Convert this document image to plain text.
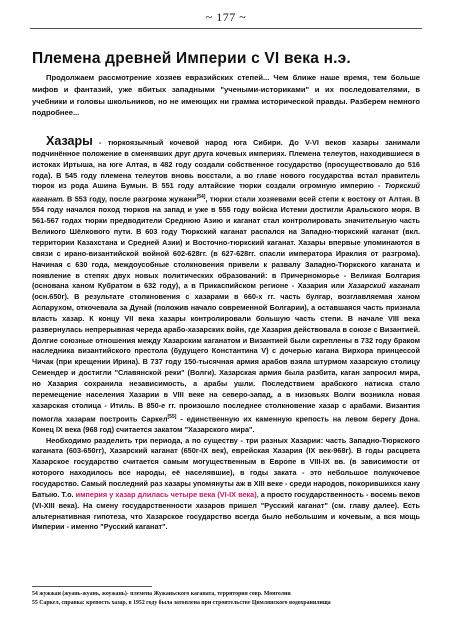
~ 177 ~
Племена древней Империи с VI века н.э.
Продолжаем рассмотрение хозяев евразийских степей... Чем ближе наше время, тем больше мифов и фантазий, уже вбитых западными "учеными-историками" и их последователями, в учебники и головы школьников, но не имеющих ни грамма исторической правды. Разберем немного подробнее...

Хазары - тюркоязычный кочевой народ юга Сибири. До V-VI веков хазары занимали подчинённое положение в сменявших друг друга кочевых империях. Племена телеутов, находившиеся в истоках Иртыша, на юге Алтая, в 482 году создали собственное государство (просуществовало до 516 года). В 545 году племена телеутов вновь восстали, а во главе нового государства встал правитель тюрок из рода Ашина Бумын. В 551 году алтайские тюрки создали огромную империю - Тюркский каганат. В 553 году, после разгрома жужани[54], тюрки стали хозяевами всей степи к востоку от Алтая. В 554 году начался поход тюрков на запад и уже в 555 году войска Истеми достигли Аральского моря. В 561-567 годах тюрки предводители Среднюю Азию и каганат стал контролировать значительную часть Великого Шёлкового пути. В 603 году Тюркский каганат распался на Западно-тюркский каганат (вкл. территории Казахстана и Средней Азии) и Восточно-тюркский каганат. Хазары впервые упоминаются в связи с ирано-византийской войной 602-628гг. (в 627-628гг. спасли императора Ираклия от разгрома). Начиная с 630 года, междоусобные столкновения привели к развалу Западно-Тюркского каганата и появление в степях двух новых политических образований: в Причерноморье - Великая Болгария (основана ханом Кубратом в 632 году), а в Прикаспийском регионе - Хазария или Хазарский каганат (осн.650г). В результате столкновения с хазарами в 660-х гг. часть булгар, возглавляемая ханом Аспарухом, откочевала за Дунай (положив начало современной Болгарии), а оставшаяся часть признала власть хазар. К концу VII века хазары контролировали большую часть степи. В начале VIII века развернулась непрерывная череда арабо-хазарских войн, где Хазария действовала в союзе с Византией. Долгие союзные отношения между Хазарским каганатом и Византией были скреплены в 732 году браком наследника византийского престола (будущего Константина V) с дочерью кагана Вирхора принцессой Чичак (при крещении Ирина). В 737 году 150-тысячная армия арабов взяла штурмом хазарскую столицу Семендер и достигли "Славянской реки" (Волги). Хазарская армия была разбита, каган запросил мира, но Хазария сохранила независимость, а арабы ушли. Последствием арабского натиска стало перемещение населения Хазарии в VIII веке на северо-запад, а в низовьях Волги возникла новая хазарская столица - Итиль. В 850-е гг. произошло последнее столкновение хазар с арабами. Византия помогла хазарам построить Саркел[55] - единственную их каменную крепость на левом берегу Дона. Конец IX века (968 год) считается закатом "Хазарского мира".

Необходимо разделить три периода, а по существу - три разных Хазарии: часть Западно-Тюркского каганата (603-650гг), Хазарский каганат (650г-IX век), еврейская Хазария (IX век-968г). В годы расцвета Хазарское государство считается самым могущественным в Европе в VIII-IX вв. (в зависимости от которого находилось все народы, её населявшие), в годы заката - это небольшое полукочевое государство. Самый последний раз хазары упомянуты аж в XIII веке - среди народов, покорившихся хану Батыю. Т.о. империя у хазар длилась четыре века (VI-IX века), а просто государственность - восемь веков (VI-XIII века). На смену государственности хазаров пришел "Русский каганат" (см. главу далее). Есть альтернативная гипотеза, что Хазарское государство всегда было небольшим и кочевым, а вся мощь Империи - именно "Русский каганат".

54 жужжан (жуань-жуань, жоужань)- племена Жужаньского каганата, территория совр. Монголии

55 Саркел, справка: крепость хазар, в 1952 году была затоплена при строительстве Цимлянского водохранилища
